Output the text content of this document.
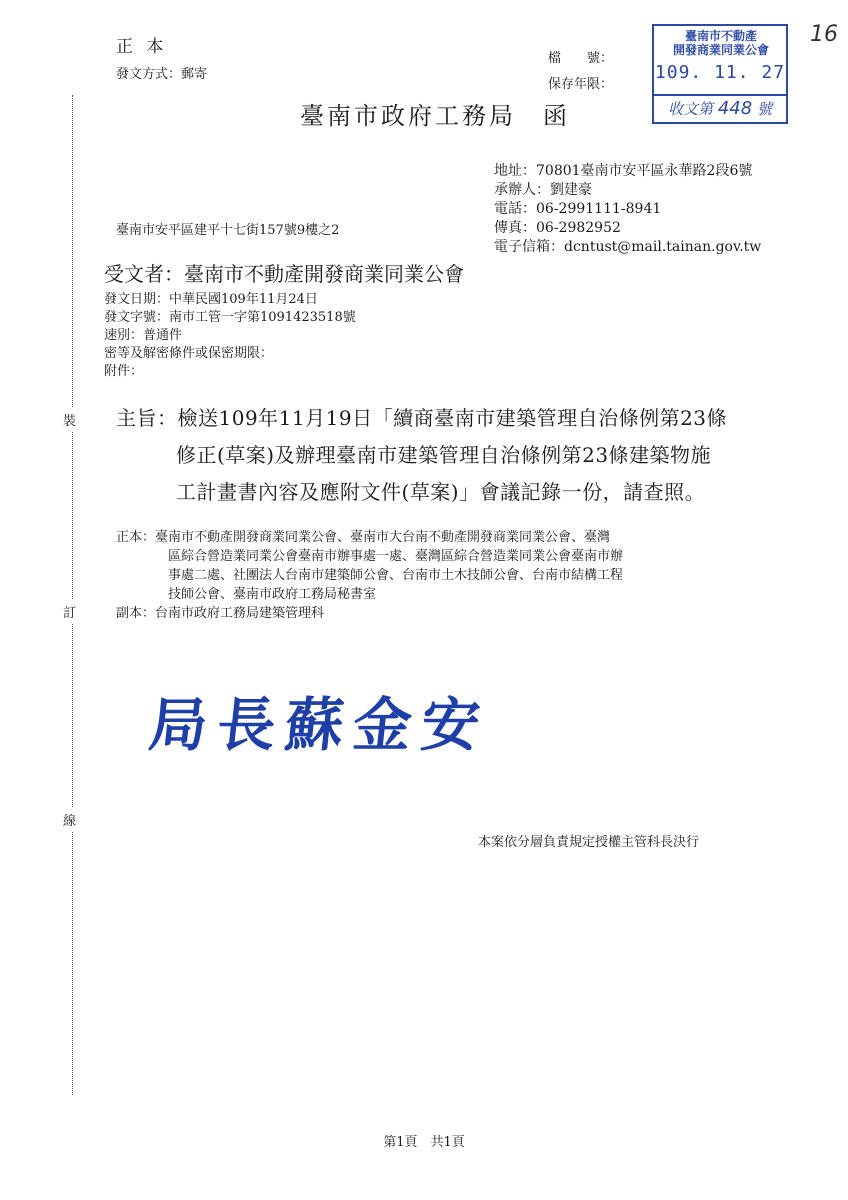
裝
訂
線
正 本
發文方式：郵寄
檔　　號：
保存年限：
臺南市不動產
開發商業同業公會
109. 11. 27
收文第 448 號
16
臺南市政府工務局　函
地址：70801臺南市安平區永華路2段6號
承辦人：劉建豪
電話：06-2991111-8941
傳真：06-2982952
電子信箱：dcntust@mail.tainan.gov.tw
臺南市安平區建平十七街157號9樓之2
受文者：臺南市不動產開發商業同業公會
發文日期：中華民國109年11月24日
發文字號：南市工管一字第1091423518號
速別：普通件
密等及解密條件或保密期限：
附件：
主旨：檢送109年11月19日「續商臺南市建築管理自治條例第23條
修正(草案)及辦理臺南市建築管理自治條例第23條建築物施
工計畫書內容及應附文件(草案)」會議記錄一份，請查照。
正本：臺南市不動產開發商業同業公會、臺南市大台南不動產開發商業同業公會、臺灣
區綜合營造業同業公會臺南市辦事處一處、臺灣區綜合營造業同業公會臺南市辦
事處二處、社團法人台南市建築師公會、台南市土木技師公會、台南市結構工程
技師公會、臺南市政府工務局秘書室
副本：台南市政府工務局建築管理科
局長蘇金安
本案依分層負責規定授權主管科長決行
第1頁　共1頁
